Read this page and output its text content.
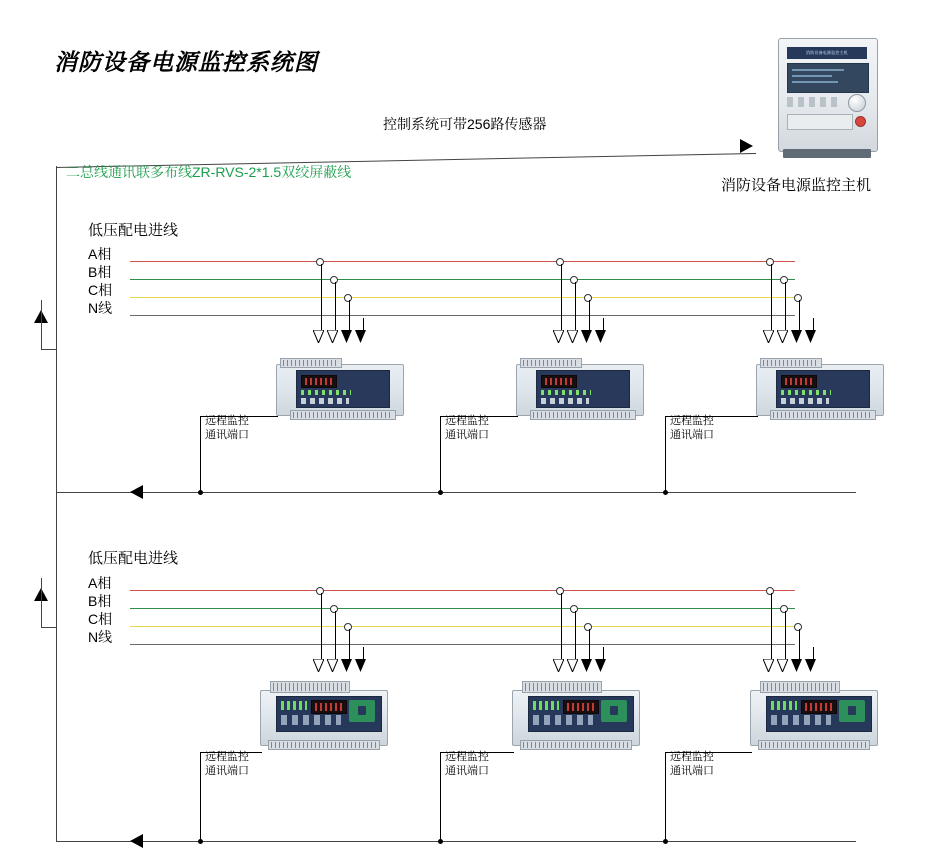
消防设备电源监控系统图	消防设备电源监控主机
消防设备电源监控主机
控制系统可带256路传感器
二总线通讯联多布线ZR-RVS-2*1.5双绞屏蔽线
低压配电进线
A相
B相
C相
N线
远程监控
通讯端口
远程监控
通讯端口
远程监控
通讯端口
低压配电进线
A相
B相
C相
N线
远程监控
通讯端口
远程监控
通讯端口
远程监控
通讯端口
